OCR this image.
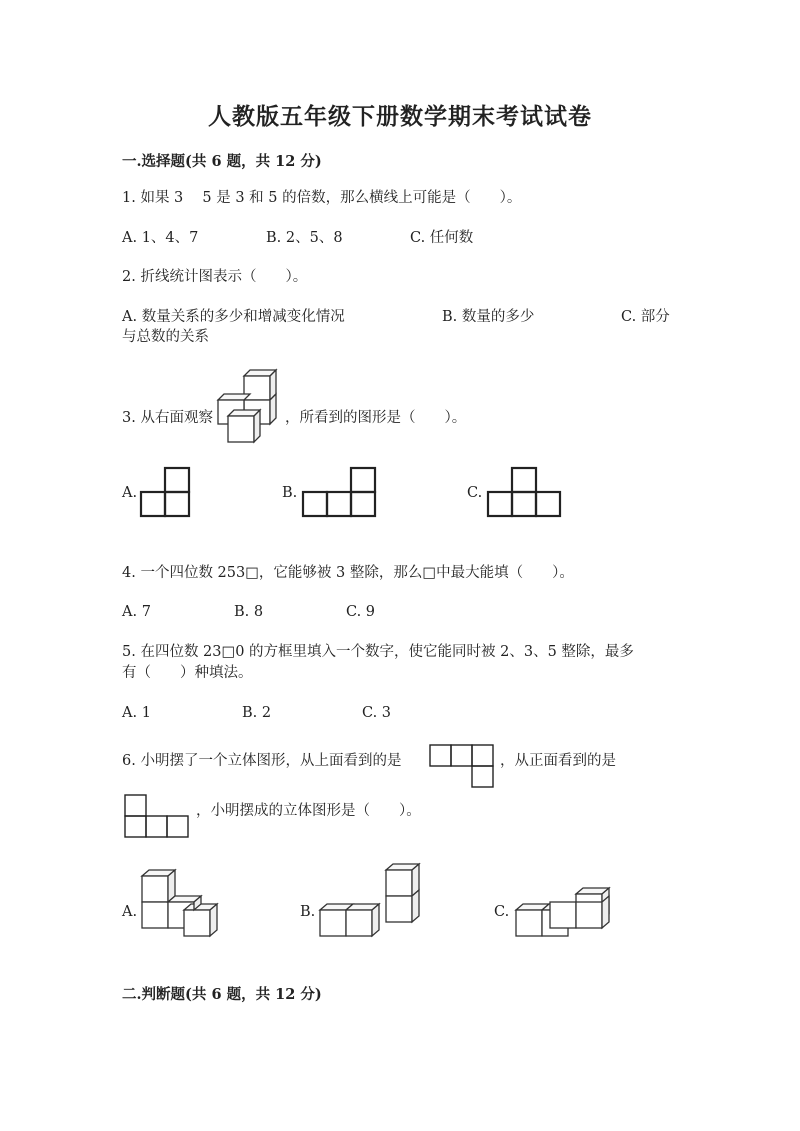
人教版五年级下册数学期末考试试卷
一.选择题(共 6 题，共 12 分)
1. 如果 3　 5 是 3 和 5 的倍数，那么横线上可能是（　　）。
A. 1、4、7	B. 2、5、8	C. 任何数
2. 折线统计图表示（　　）。
A. 数量关系的多少和增减变化情况	B. 数量的多少	C. 部分
与总数的关系
3. 从右面观察	，所看到的图形是（　　）。
A.	B.	C.
4. 一个四位数 253□，它能够被 3 整除，那么□中最大能填（　　）。
A. 7	B. 8	C. 9
5. 在四位数 23□0 的方框里填入一个数字，使它能同时被 2、3、5 整除，最多
有（　　）种填法。
A. 1	B. 2	C. 3
6. 小明摆了一个立体图形，从上面看到的是	，从正面看到的是
，小明摆成的立体图形是（　　）。
A.	B.	C.
二.判断题(共 6 题，共 12 分)
